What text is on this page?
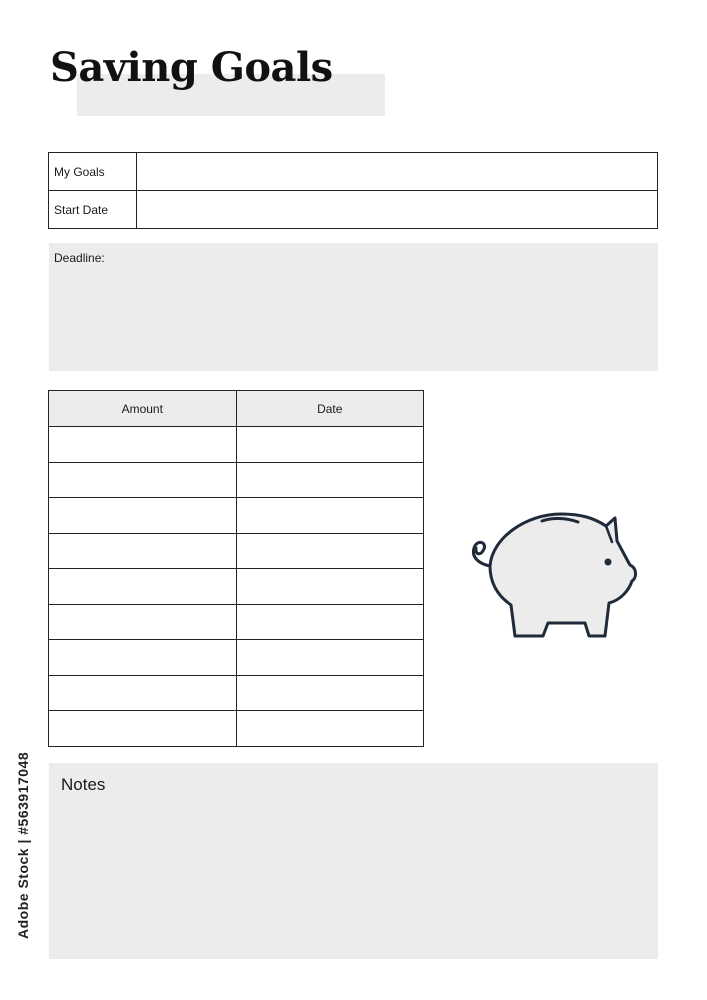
Saving Goals
My Goals	
Start Date	
Deadline:
Amount	Date

Notes
Adobe Stock | #563917048
